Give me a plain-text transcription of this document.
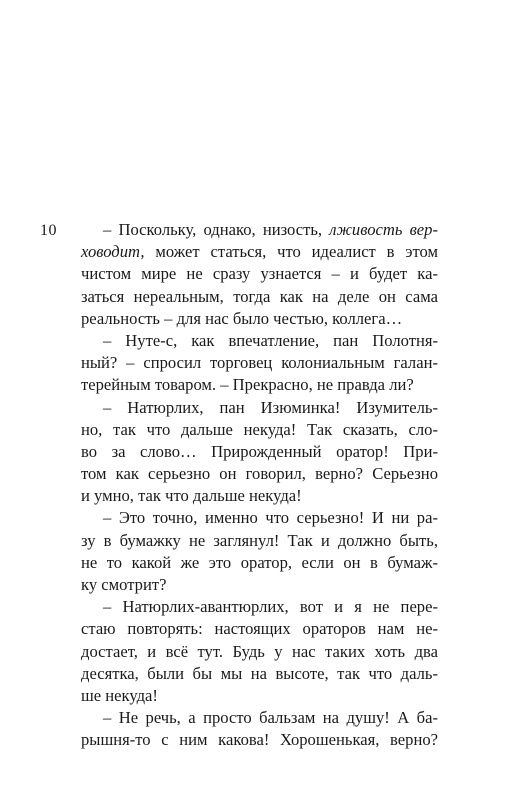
10	– Поскольку, однако, низость, лживость вер-
ховодит, может статься, что идеалист в этом
чистом мире не сразу узнается – и будет ка-
заться нереальным, тогда как на деле он сама
реальность – для нас было честью, коллега…
– Нуте-с, как впечатление, пан Полотня-
ный? – спросил торговец колониальным галан-
терейным товаром. – Прекрасно, не правда ли?
– Натюрлих, пан Изюминка! Изумитель-
но, так что дальше некуда! Так сказать, сло-
во за слово… Прирожденный оратор! При-
том как серьезно он говорил, верно? Серьезно
и умно, так что дальше некуда!
– Это точно, именно что серьезно! И ни ра-
зу в бумажку не заглянул! Так и должно быть,
не то какой же это оратор, если он в бумаж-
ку смотрит?
– Натюрлих-авантюрлих, вот и я не пере-
стаю повторять: настоящих ораторов нам не-
достает, и всё тут. Будь у нас таких хоть два
десятка, были бы мы на высоте, так что даль-
ше некуда!
– Не речь, а просто бальзам на душу! А ба-
рышня-то с ним какова! Хорошенькая, верно?
